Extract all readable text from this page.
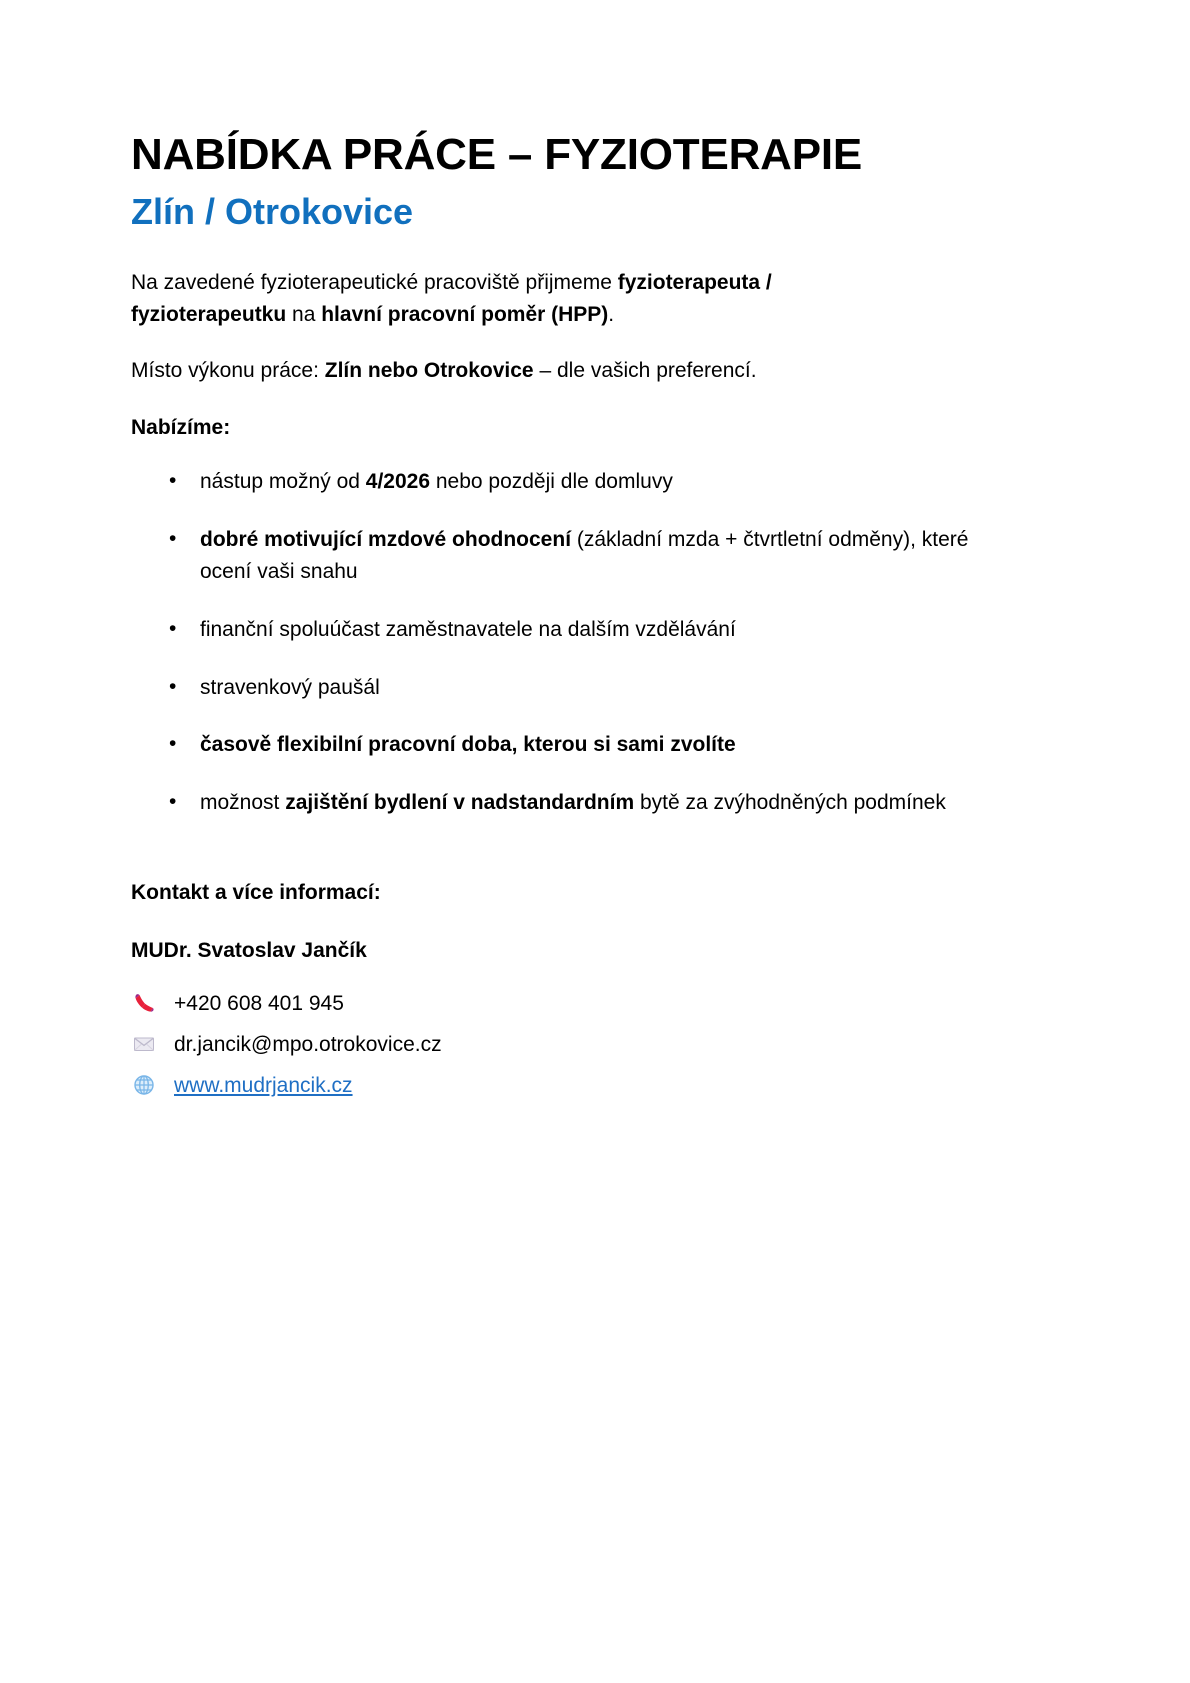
NABÍDKA PRÁCE – FYZIOTERAPIE
Zlín / Otrokovice

Na zavedené fyzioterapeutické pracoviště přijmeme fyzioterapeuta / fyzioterapeutku na hlavní pracovní poměr (HPP).

Místo výkonu práce: Zlín nebo Otrokovice – dle vašich preferencí.

Nabízíme:

• nástup možný od 4/2026 nebo později dle domluvy
• dobré motivující mzdové ohodnocení (základní mzda + čtvrtletní odměny), které ocení vaši snahu
• finanční spoluúčast zaměstnavatele na dalším vzdělávání
• stravenkový paušál
• časově flexibilní pracovní doba, kterou si sami zvolíte
• možnost zajištění bydlení v nadstandardním bytě za zvýhodněných podmínek

Kontakt a více informací:

MUDr. Svatoslav Jančík

+420 608 401 945
dr.jancik@mpo.otrokovice.cz
www.mudrjancik.cz
